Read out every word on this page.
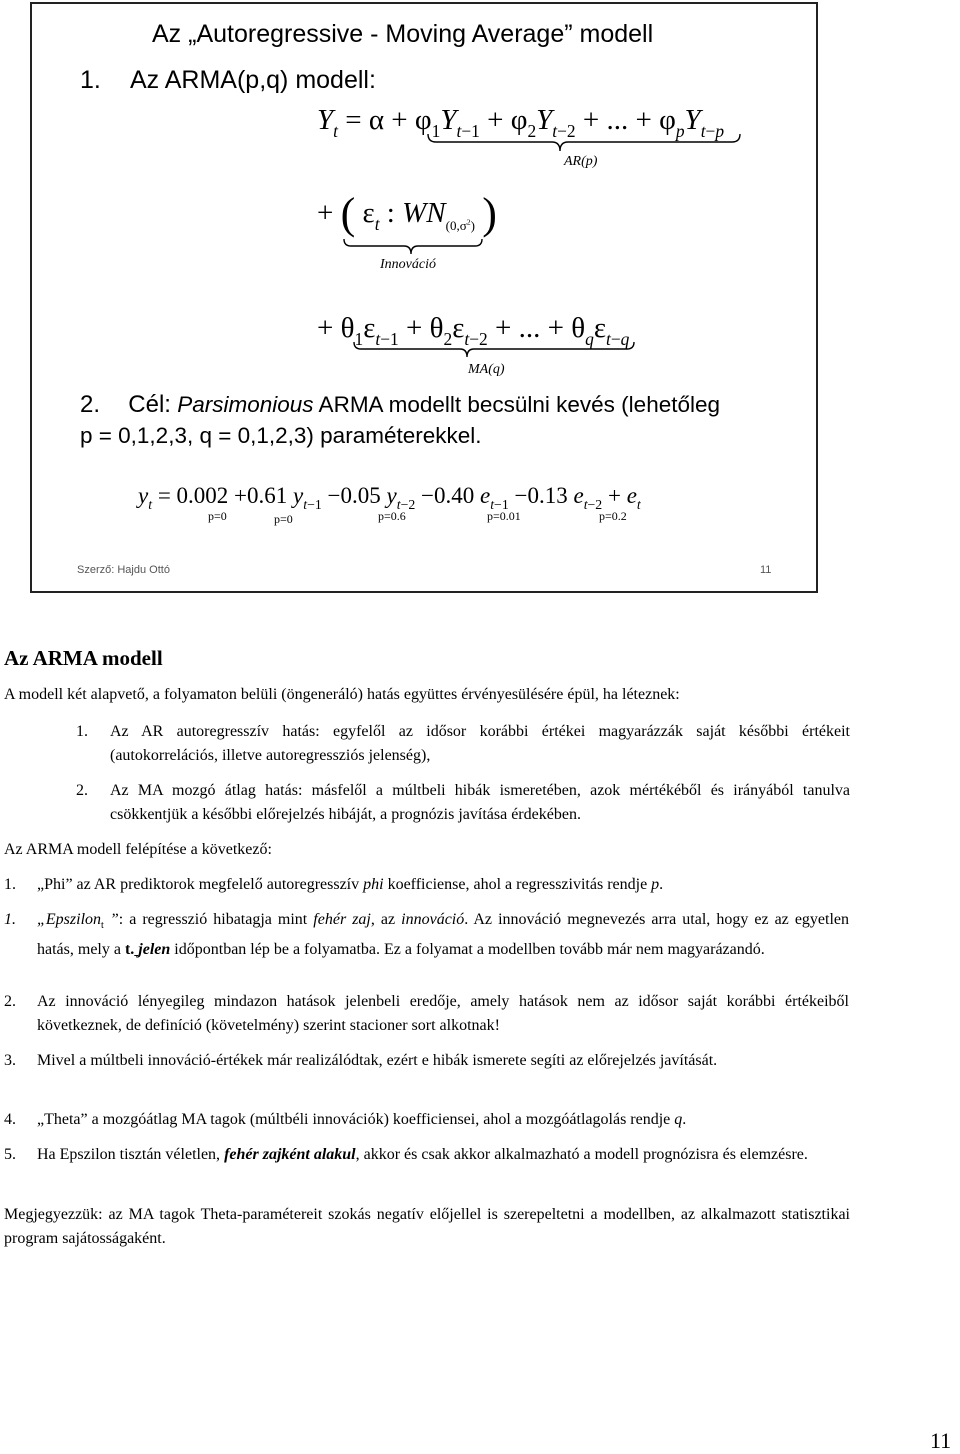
Az „Autoregressive - Moving Average” modell
1. Az ARMA(p,q) modell:
$Y_t = \alpha + \varphi_1Y_{t-1} + \varphi_2Y_{t-2}$ + ... + $\varphi_pY_{t-p}$
AR(p)
+ ( $\varepsilon_t$ : $WN_{(0,\sigma^2)}$ )
Innováció
+ $\theta_1\varepsilon_{t-1} + \theta_2\varepsilon_{t-2}$ + ... + $\theta_q\varepsilon_{t-q}$
MA(q)
2. Cél: Parsimonious ARMA modellt becsülni kevés (lehetőleg
p = 0,1,2,3, q = 0,1,2,3) paraméterekkel.
$y_t = 0.002 +0.61$ $y_{t-1} -0.05$ $y_{t-2} -0.40$ $e_{t-1} -0.13$ $e_{t-2} + e_t$
p=0	p=0	p=0.6	p=0.01	p=0.2
Szerző: Hajdu Ottó	11
Az ARMA modell
A modell két alapvető, a folyamaton belüli (öngeneráló) hatás együttes érvényesülésére épül, ha léteznek:
1. Az AR autoregresszív hatás: egyfelől az idősor korábbi értékei magyarázzák saját későbbi értékeit (autokorrelációs, illetve autoregressziós jelenség),
2. Az MA mozgó átlag hatás: másfelől a múltbeli hibák ismeretében, azok mértékéből és irányából tanulva csökkentjük a későbbi előrejelzés hibáját, a prognózis javítása érdekében.
Az ARMA modell felépítése a következő:
1. „Phi” az AR prediktorok megfelelő autoregresszív phi koefficiense, ahol a regresszivitás rendje p.
1. „Epszilon$_t$ ”: a regresszió hibatagja mint fehér zaj, az innováció. Az innováció megnevezés arra utal, hogy ez az egyetlen hatás, mely a t. jelen időpontban lép be a folyamatba. Ez a folyamat a modellben tovább már nem magyarázandó.
2. Az innováció lényegileg mindazon hatások jelenbeli eredője, amely hatások nem az idősor saját korábbi értékeiből következnek, de definíció (követelmény) szerint stacioner sort alkotnak!
3. Mivel a múltbeli innováció-értékek már realizálódtak, ezért e hibák ismerete segíti az előrejelzés javítását.
4. „Theta” a mozgóátlag MA tagok (múltbéli innovációk) koefficiensei, ahol a mozgóátlagolás rendje q.
5. Ha Epszilon tisztán véletlen, fehér zajként alakul, akkor és csak akkor alkalmazható a modell prognózisra és elemzésre.
Megjegyezzük: az MA tagok Theta-paramétereit szokás negatív előjellel is szerepeltetni a modellben, az alkalmazott statisztikai program sajátosságaként.
11
